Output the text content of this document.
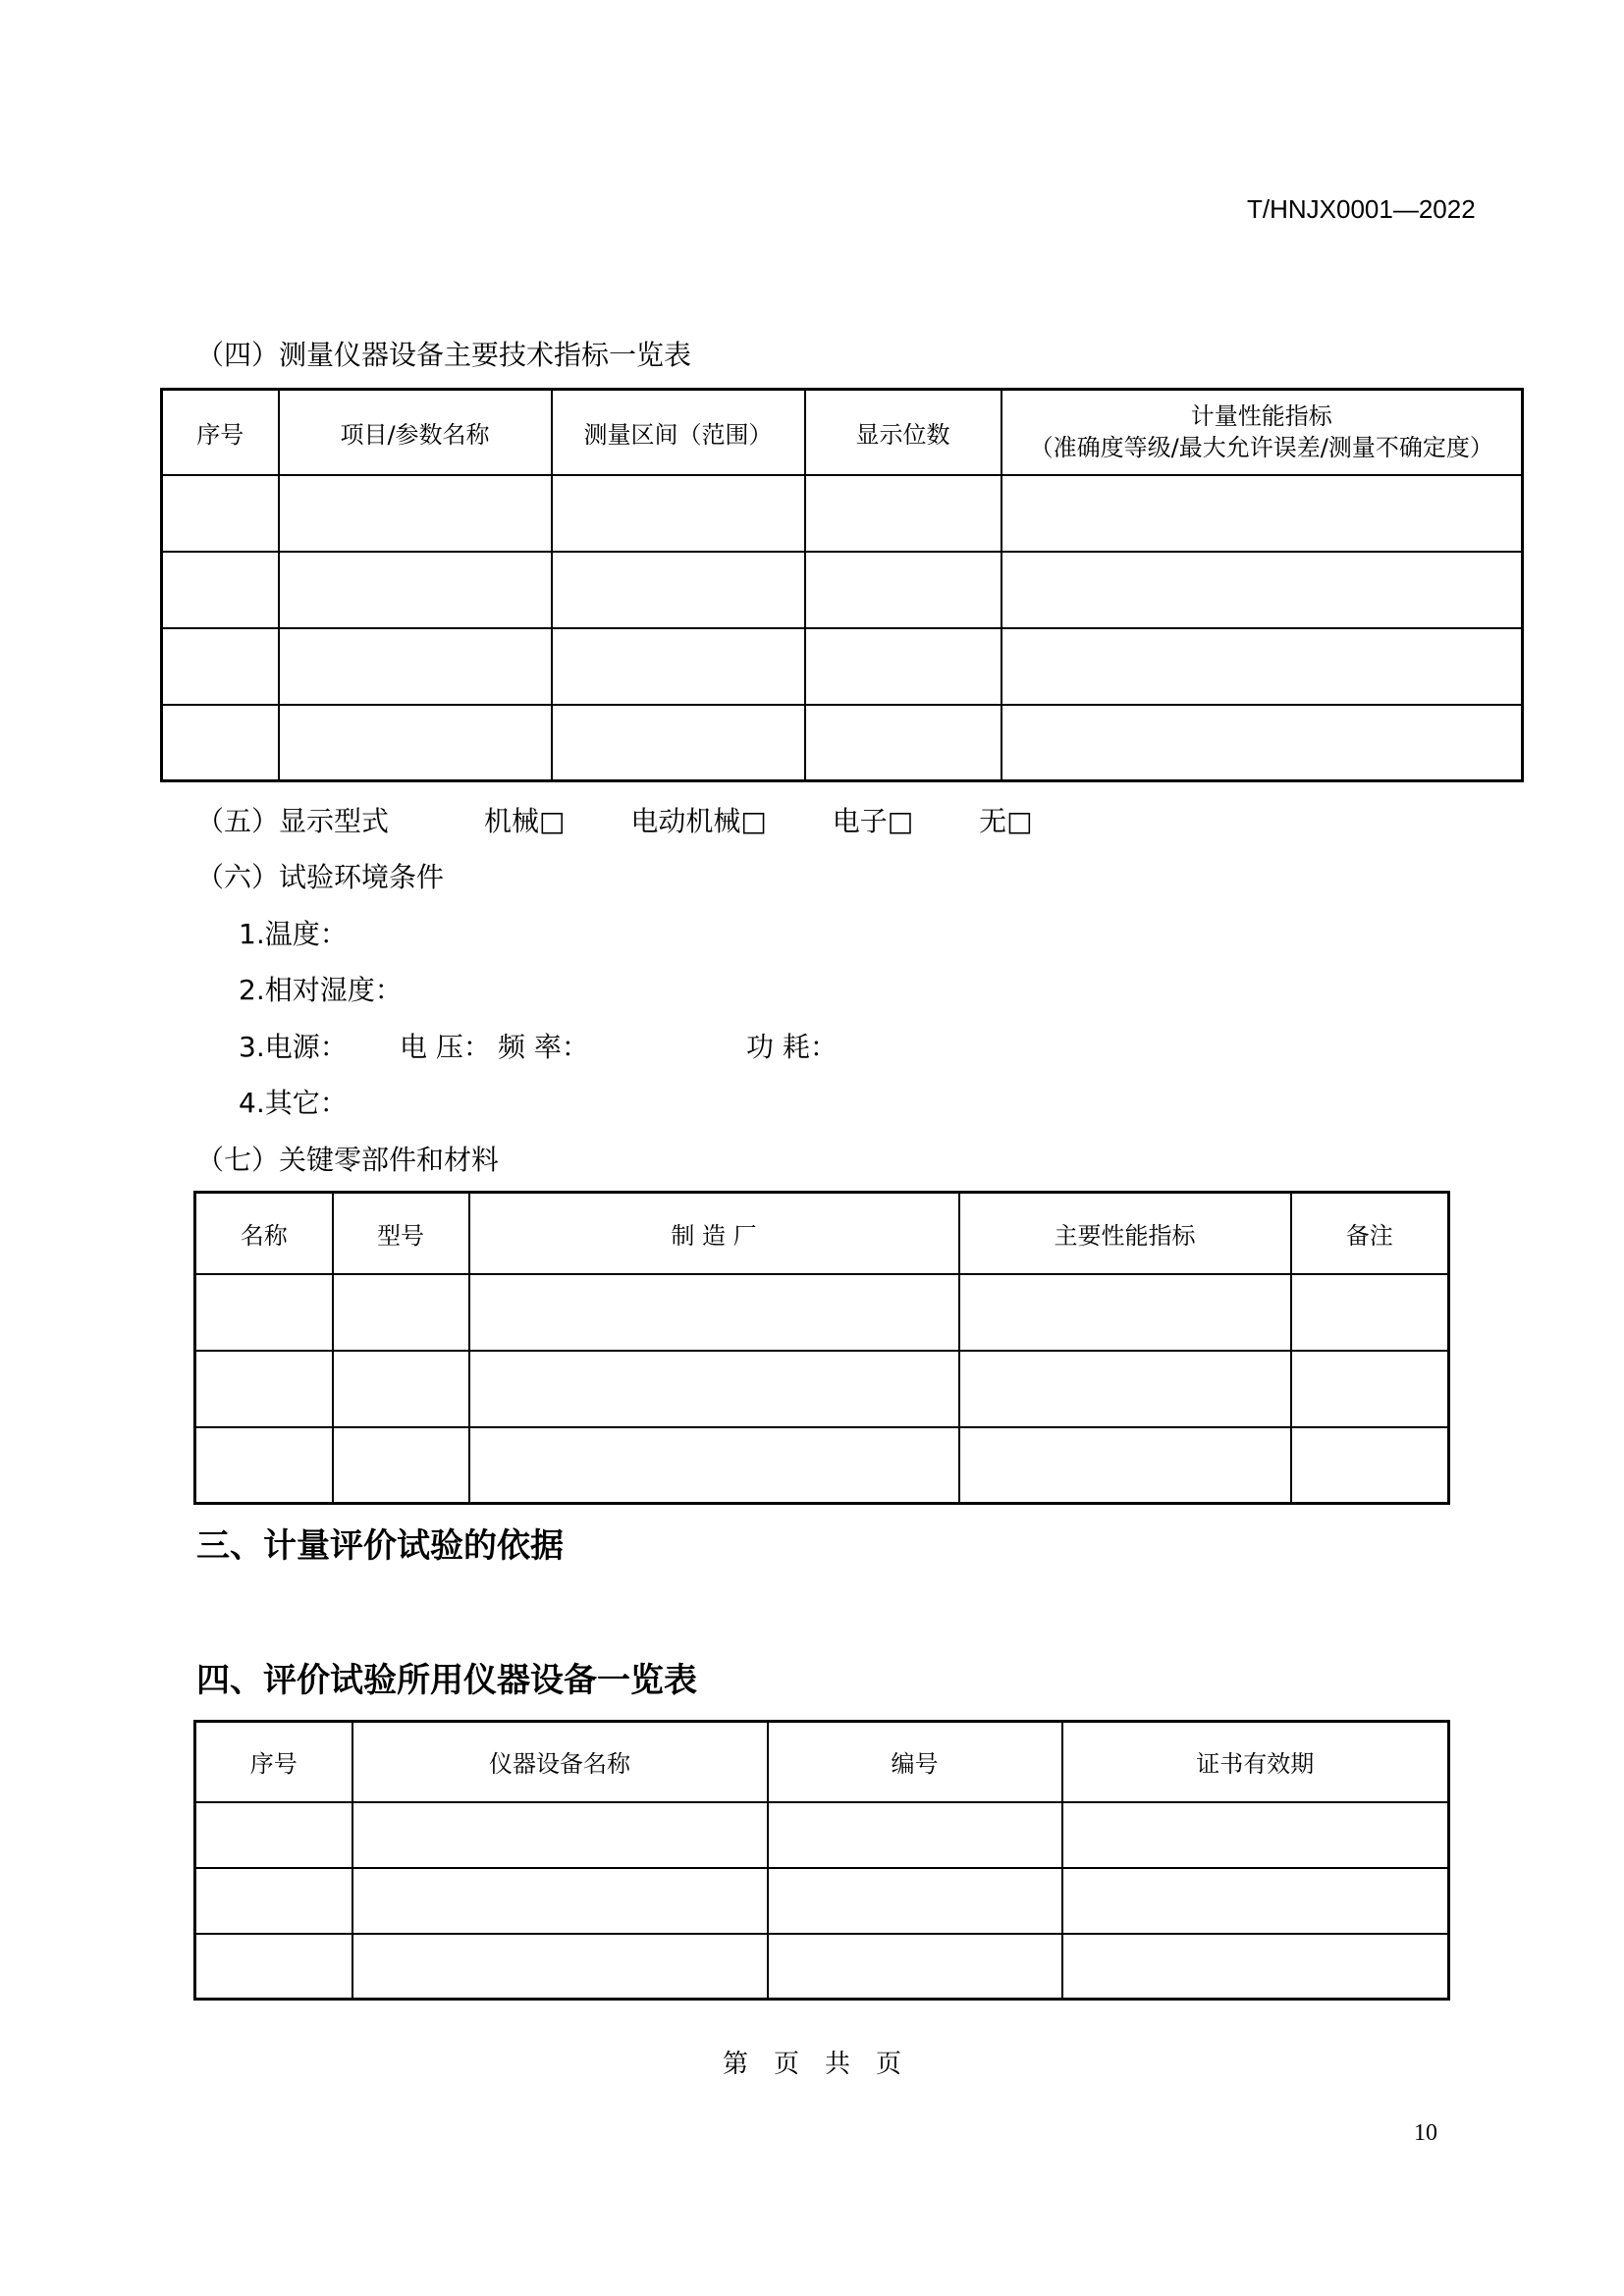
T/HNJX0001—2022
（四）测量仪器设备主要技术指标一览表
序号	项目/参数名称	测量区间（范围）	显示位数	计量性能指标
（准确度等级/最大允许误差/测量不确定度）

（五）显示型式	机械□ 电动机械□ 电子□ 无□
（六）试验环境条件
1.温度：
2.相对湿度：
3.电源： 电 压： 频 率：	功 耗：
4.其它：
（七）关键零部件和材料
名称	型号	制 造 厂	主要性能指标	备注

三、计量评价试验的依据
四、评价试验所用仪器设备一览表
序号	仪器设备名称	编号	证书有效期

第　页　共　页
10
